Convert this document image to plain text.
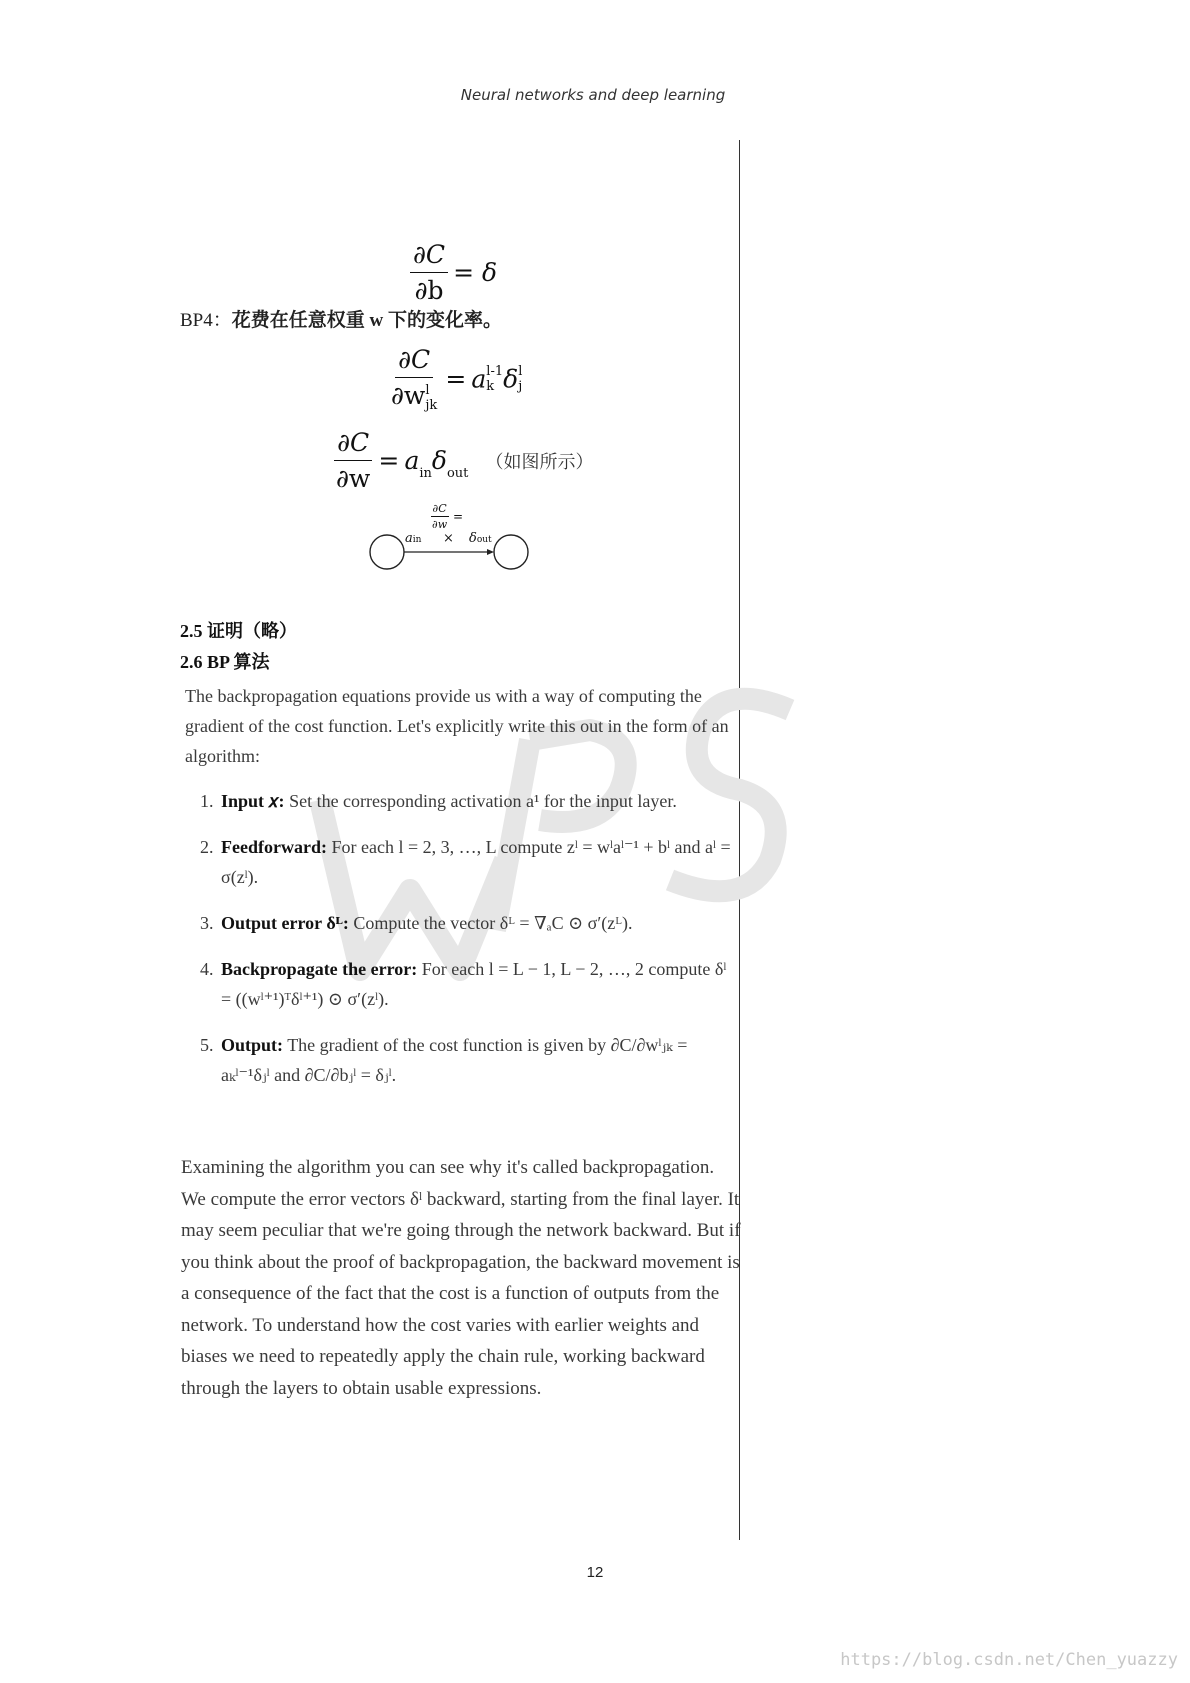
Neural networks and deep learning
$\frac{\partial C}{\partial b} = \delta$
BP4：花费在任意权重 w 下的变化率。
∂C
∂w l
jk = a l-1
k δ l
j
$\frac{\partial C}{\partial w} = a_{in}\delta_{out}$ （如图所示）
$\frac{\partial C}{\partial w}$ =
ain × δout
2.5 证明（略）
2.6 BP 算法
The backpropagation equations provide us with a way of computing the gradient of the cost function. Let's explicitly write this out in the form of an algorithm:
1. Input 𝑥: Set the corresponding activation a¹ for the input layer.
2. Feedforward: For each l = 2, 3, …, L compute zˡ = wˡaˡ⁻¹ + bˡ and aˡ = σ(zˡ).
3. Output error δᴸ: Compute the vector δᴸ = ∇ₐC ⊙ σ′(zᴸ).
4. Backpropagate the error: For each l = L − 1, L − 2, …, 2 compute δˡ = ((wˡ⁺¹)ᵀδˡ⁺¹) ⊙ σ′(zˡ).
5. Output: The gradient of the cost function is given by ∂C/∂wˡⱼₖ = aₖˡ⁻¹δⱼˡ and ∂C/∂bⱼˡ = δⱼˡ.
Examining the algorithm you can see why it's called backpropagation. We compute the error vectors δˡ backward, starting from the final layer. It may seem peculiar that we're going through the network backward. But if you think about the proof of backpropagation, the backward movement is a consequence of the fact that the cost is a function of outputs from the network. To understand how the cost varies with earlier weights and biases we need to repeatedly apply the chain rule, working backward through the layers to obtain usable expressions.
12
https://blog.csdn.net/Chen_yuazzy
